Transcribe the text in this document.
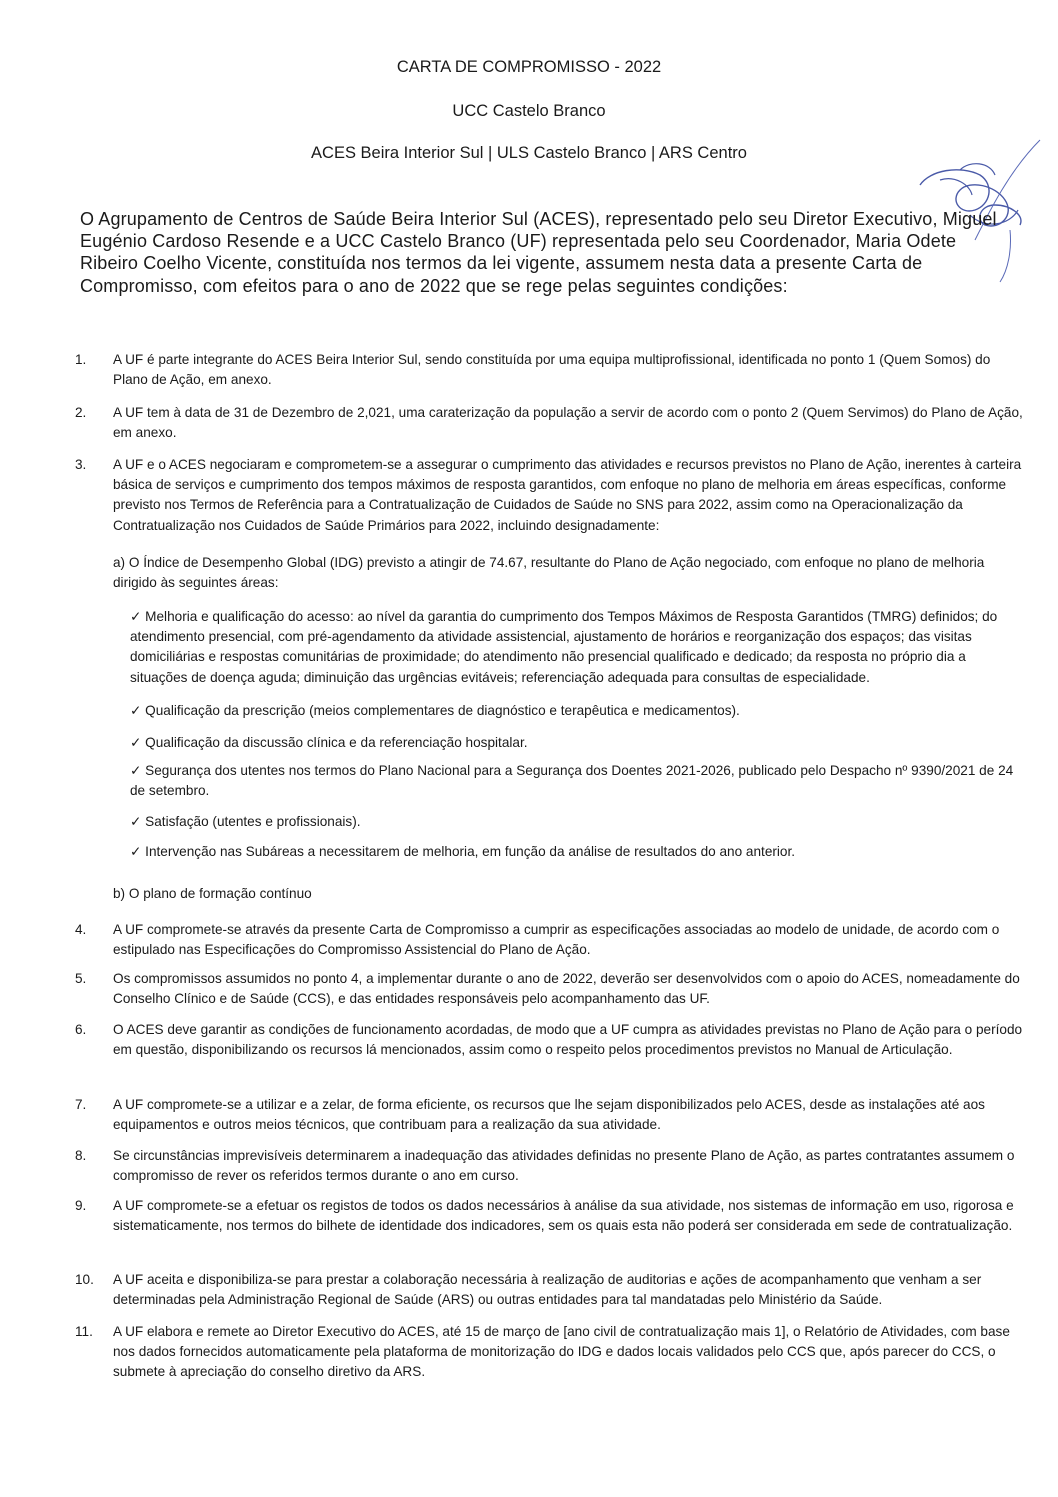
CARTA DE COMPROMISSO - 2022
UCC Castelo Branco
ACES Beira Interior Sul | ULS Castelo Branco | ARS Centro
O Agrupamento de Centros de Saúde Beira Interior Sul (ACES), representado pelo seu Diretor Executivo, Miguel Eugénio Cardoso Resende e a UCC Castelo Branco (UF) representada pelo seu Coordenador, Maria Odete Ribeiro Coelho Vicente, constituída nos termos da lei vigente, assumem nesta data a presente Carta de Compromisso, com efeitos para o ano de 2022 que se rege pelas seguintes condições:
1. A UF é parte integrante do ACES Beira Interior Sul, sendo constituída por uma equipa multiprofissional, identificada no ponto 1 (Quem Somos) do Plano de Ação, em anexo.
2. A UF tem à data de 31 de Dezembro de 2,021, uma caraterização da população a servir de acordo com o ponto 2 (Quem Servimos) do Plano de Ação, em anexo.
3. A UF e o ACES negociaram e comprometem-se a assegurar o cumprimento das atividades e recursos previstos no Plano de Ação, inerentes à carteira básica de serviços e cumprimento dos tempos máximos de resposta garantidos, com enfoque no plano de melhoria em áreas específicas, conforme previsto nos Termos de Referência para a Contratualização de Cuidados de Saúde no SNS para 2022, assim como na Operacionalização da Contratualização nos Cuidados de Saúde Primários para 2022, incluindo designadamente:
a) O Índice de Desempenho Global (IDG) previsto a atingir de 74.67, resultante do Plano de Ação negociado, com enfoque no plano de melhoria dirigido às seguintes áreas:
✓ Melhoria e qualificação do acesso: ao nível da garantia do cumprimento dos Tempos Máximos de Resposta Garantidos (TMRG) definidos; do atendimento presencial, com pré-agendamento da atividade assistencial, ajustamento de horários e reorganização dos espaços; das visitas domiciliárias e respostas comunitárias de proximidade; do atendimento não presencial qualificado e dedicado; da resposta no próprio dia a situações de doença aguda; diminuição das urgências evitáveis; referenciação adequada para consultas de especialidade.
✓ Qualificação da prescrição (meios complementares de diagnóstico e terapêutica e medicamentos).
✓ Qualificação da discussão clínica e da referenciação hospitalar.
✓ Segurança dos utentes nos termos do Plano Nacional para a Segurança dos Doentes 2021-2026, publicado pelo Despacho nº 9390/2021 de 24 de setembro.
✓ Satisfação (utentes e profissionais).
✓ Intervenção nas Subáreas a necessitarem de melhoria, em função da análise de resultados do ano anterior.
b) O plano de formação contínuo
4. A UF compromete-se através da presente Carta de Compromisso a cumprir as especificações associadas ao modelo de unidade, de acordo com o estipulado nas Especificações do Compromisso Assistencial do Plano de Ação.
5. Os compromissos assumidos no ponto 4, a implementar durante o ano de 2022, deverão ser desenvolvidos com o apoio do ACES, nomeadamente do Conselho Clínico e de Saúde (CCS), e das entidades responsáveis pelo acompanhamento das UF.
6. O ACES deve garantir as condições de funcionamento acordadas, de modo que a UF cumpra as atividades previstas no Plano de Ação para o período em questão, disponibilizando os recursos lá mencionados, assim como o respeito pelos procedimentos previstos no Manual de Articulação.
7. A UF compromete-se a utilizar e a zelar, de forma eficiente, os recursos que lhe sejam disponibilizados pelo ACES, desde as instalações até aos equipamentos e outros meios técnicos, que contribuam para a realização da sua atividade.
8. Se circunstâncias imprevisíveis determinarem a inadequação das atividades definidas no presente Plano de Ação, as partes contratantes assumem o compromisso de rever os referidos termos durante o ano em curso.
9. A UF compromete-se a efetuar os registos de todos os dados necessários à análise da sua atividade, nos sistemas de informação em uso, rigorosa e sistematicamente, nos termos do bilhete de identidade dos indicadores, sem os quais esta não poderá ser considerada em sede de contratualização.
10. A UF aceita e disponibiliza-se para prestar a colaboração necessária à realização de auditorias e ações de acompanhamento que venham a ser determinadas pela Administração Regional de Saúde (ARS) ou outras entidades para tal mandatadas pelo Ministério da Saúde.
11. A UF elabora e remete ao Diretor Executivo do ACES, até 15 de março de [ano civil de contratualização mais 1], o Relatório de Atividades, com base nos dados fornecidos automaticamente pela plataforma de monitorização do IDG e dados locais validados pelo CCS que, após parecer do CCS, o submete à apreciação do conselho diretivo da ARS.
